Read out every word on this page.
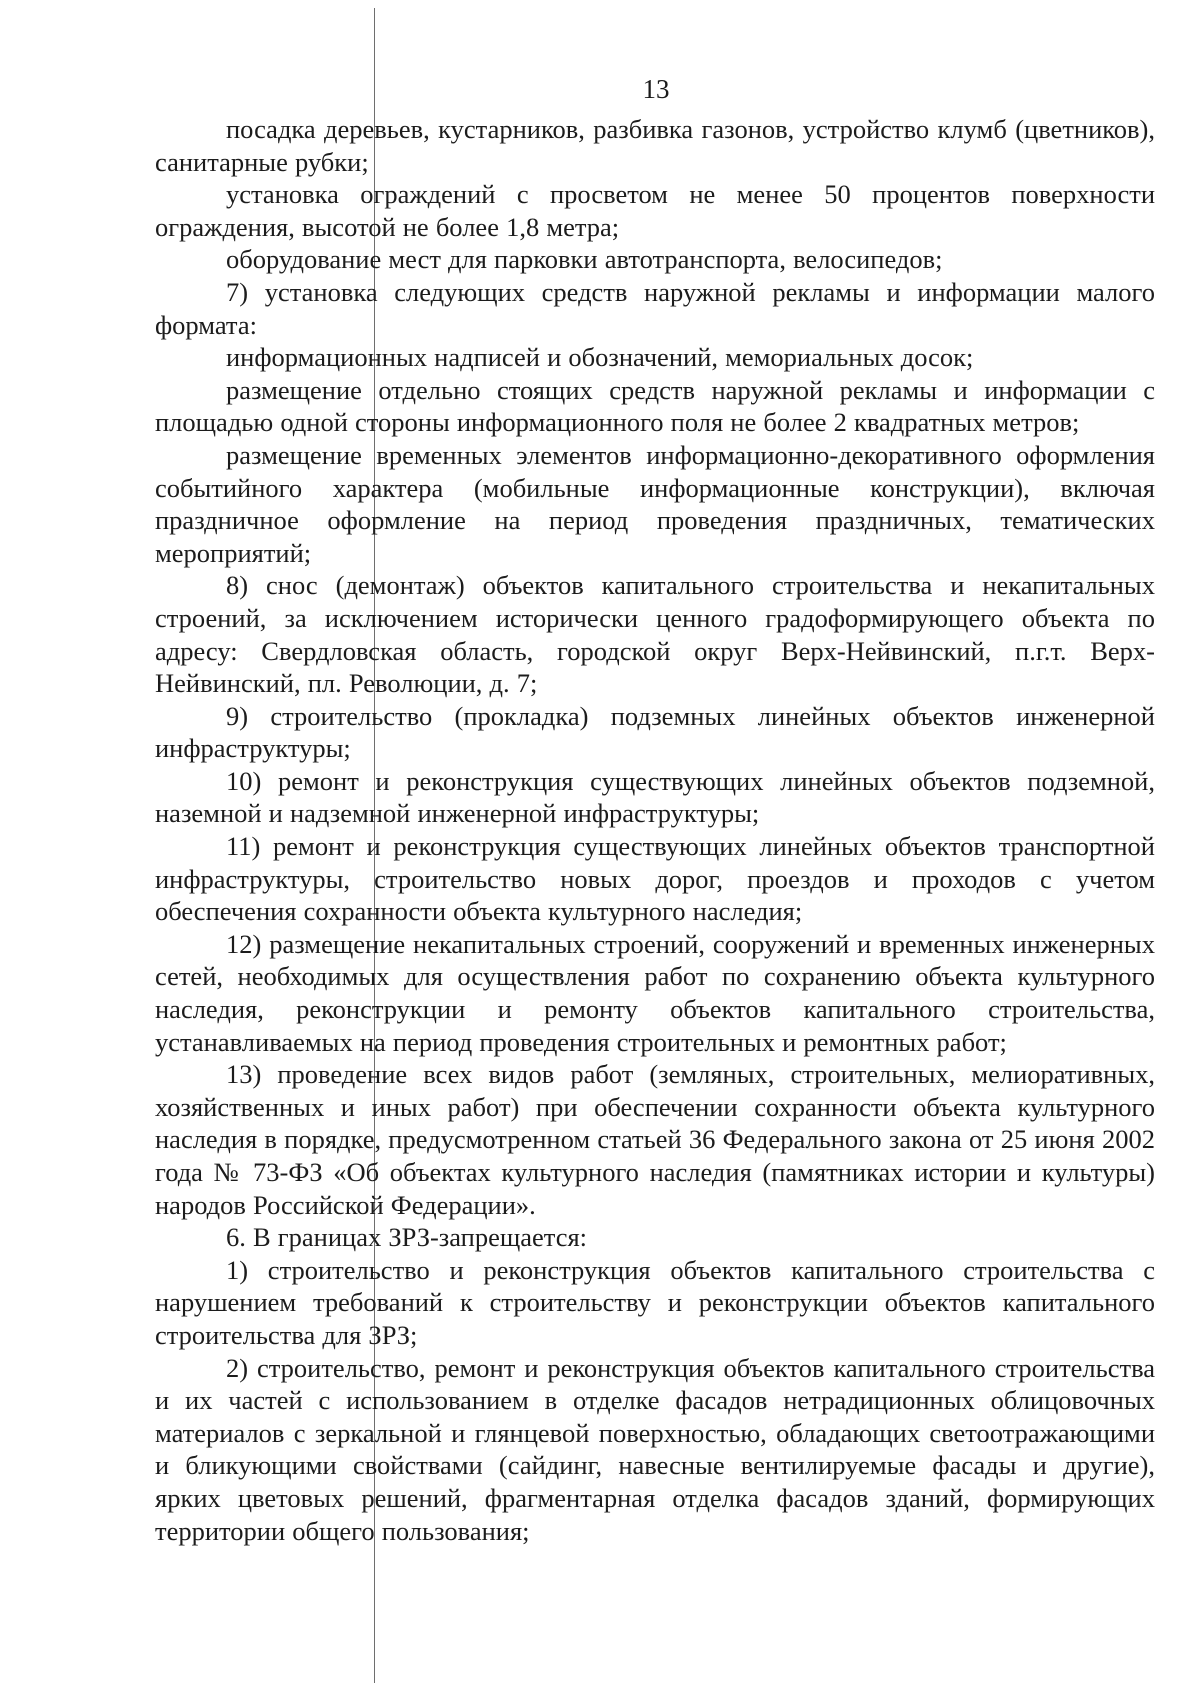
13

посадка деревьев, кустарников, разбивка газонов, устройство клумб (цветников), санитарные рубки;

установка ограждений с просветом не менее 50 процентов поверхности ограждения, высотой не более 1,8 метра;

оборудование мест для парковки автотранспорта, велосипедов;

7) установка следующих средств наружной рекламы и информации малого формата:

информационных надписей и обозначений, мемориальных досок;

размещение отдельно стоящих средств наружной рекламы и информации с площадью одной стороны информационного поля не более 2 квадратных метров;

размещение временных элементов информационно-декоративного оформления событийного характера (мобильные информационные конструкции), включая праздничное оформление на период проведения праздничных, тематических мероприятий;

8) снос (демонтаж) объектов капитального строительства и некапитальных строений, за исключением исторически ценного градоформирующего объекта по адресу: Свердловская область, городской округ Верх-Нейвинский, п.г.т. Верх-Нейвинский, пл. Революции, д. 7;

9) строительство (прокладка) подземных линейных объектов инженерной инфраструктуры;

10) ремонт и реконструкция существующих линейных объектов подземной, наземной и надземной инженерной инфраструктуры;

11) ремонт и реконструкция существующих линейных объектов транспортной инфраструктуры, строительство новых дорог, проездов и проходов с учетом обеспечения сохранности объекта культурного наследия;

12) размещение некапитальных строений, сооружений и временных инженерных сетей, необходимых для осуществления работ по сохранению объекта культурного наследия, реконструкции и ремонту объектов капитального строительства, устанавливаемых на период проведения строительных и ремонтных работ;

13) проведение всех видов работ (земляных, строительных, мелиоративных, хозяйственных и иных работ) при обеспечении сохранности объекта культурного наследия в порядке, предусмотренном статьей 36 Федерального закона от 25 июня 2002 года № 73-ФЗ «Об объектах культурного наследия (памятниках истории и культуры) народов Российской Федерации».

6. В границах ЗРЗ-запрещается:

1) строительство и реконструкция объектов капитального строительства с нарушением требований к строительству и реконструкции объектов капитального строительства для ЗРЗ;

2) строительство, ремонт и реконструкция объектов капитального строительства и их частей с использованием в отделке фасадов нетрадиционных облицовочных материалов с зеркальной и глянцевой поверхностью, обладающих светоотражающими и бликующими свойствами (сайдинг, навесные вентилируемые фасады и другие), ярких цветовых решений, фрагментарная отделка фасадов зданий, формирующих территории общего пользования;
